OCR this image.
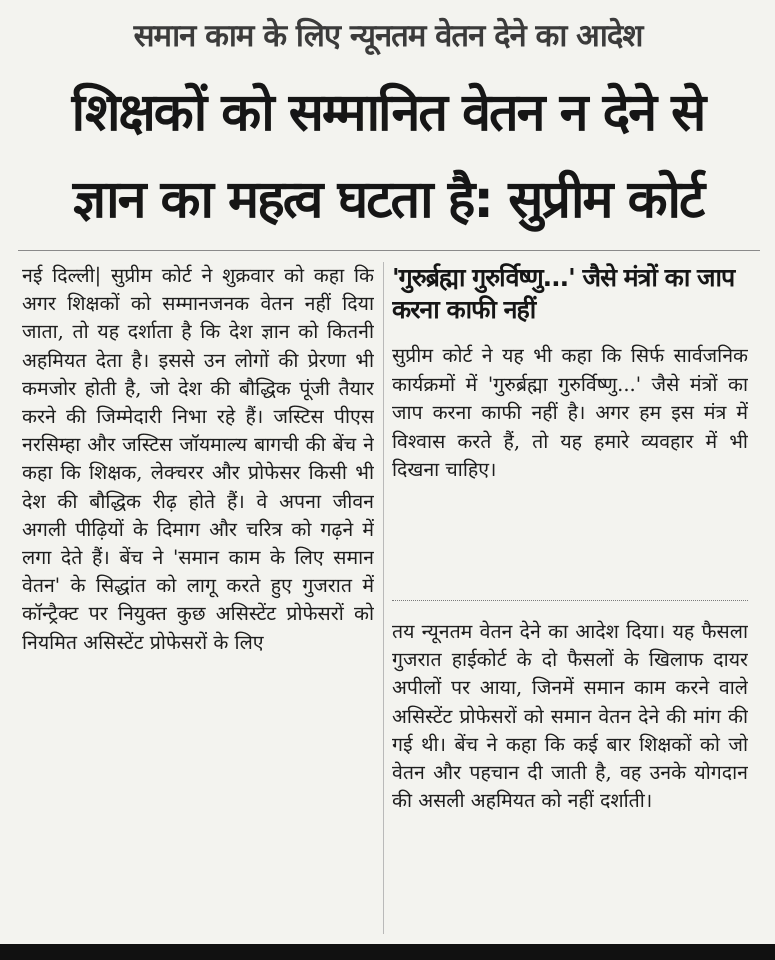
समान काम के लिए न्यूनतम वेतन देने का आदेश
शिक्षकों को सम्मानित वेतन न देने से
ज्ञान का महत्व घटता है: सुप्रीम कोर्ट
नई दिल्ली| सुप्रीम कोर्ट ने शुक्रवार को कहा कि अगर शिक्षकों को सम्मानजनक वेतन नहीं दिया जाता, तो यह दर्शाता है कि देश ज्ञान को कितनी अहमियत देता है। इससे उन लोगों की प्रेरणा भी कमजोर होती है, जो देश की बौद्धिक पूंजी तैयार करने की जिम्मेदारी निभा रहे हैं। जस्टिस पीएस नरसिम्हा और जस्टिस जॉयमाल्य बागची की बेंच ने कहा कि शिक्षक, लेक्चरर और प्रोफेसर किसी भी देश की बौद्धिक रीढ़ होते हैं। वे अपना जीवन अगली पीढ़ियों के दिमाग और चरित्र को गढ़ने में लगा देते हैं। बेंच ने 'समान काम के लिए समान वेतन' के सिद्धांत को लागू करते हुए गुजरात में कॉन्ट्रैक्ट पर नियुक्त कुछ असिस्टेंट प्रोफेसरों को नियमित असिस्टेंट प्रोफेसरों के लिए
'गुरुर्ब्रह्मा गुरुर्विष्णु...' जैसे मंत्रों का जाप करना काफी नहीं
सुप्रीम कोर्ट ने यह भी कहा कि सिर्फ सार्वजनिक कार्यक्रमों में 'गुरुर्ब्रह्मा गुरुर्विष्णु...' जैसे मंत्रों का जाप करना काफी नहीं है। अगर हम इस मंत्र में विश्वास करते हैं, तो यह हमारे व्यवहार में भी दिखना चाहिए।
तय न्यूनतम वेतन देने का आदेश दिया। यह फैसला गुजरात हाईकोर्ट के दो फैसलों के खिलाफ दायर अपीलों पर आया, जिनमें समान काम करने वाले असिस्टेंट प्रोफेसरों को समान वेतन देने की मांग की गई थी। बेंच ने कहा कि कई बार शिक्षकों को जो वेतन और पहचान दी जाती है, वह उनके योगदान की असली अहमियत को नहीं दर्शाती।
